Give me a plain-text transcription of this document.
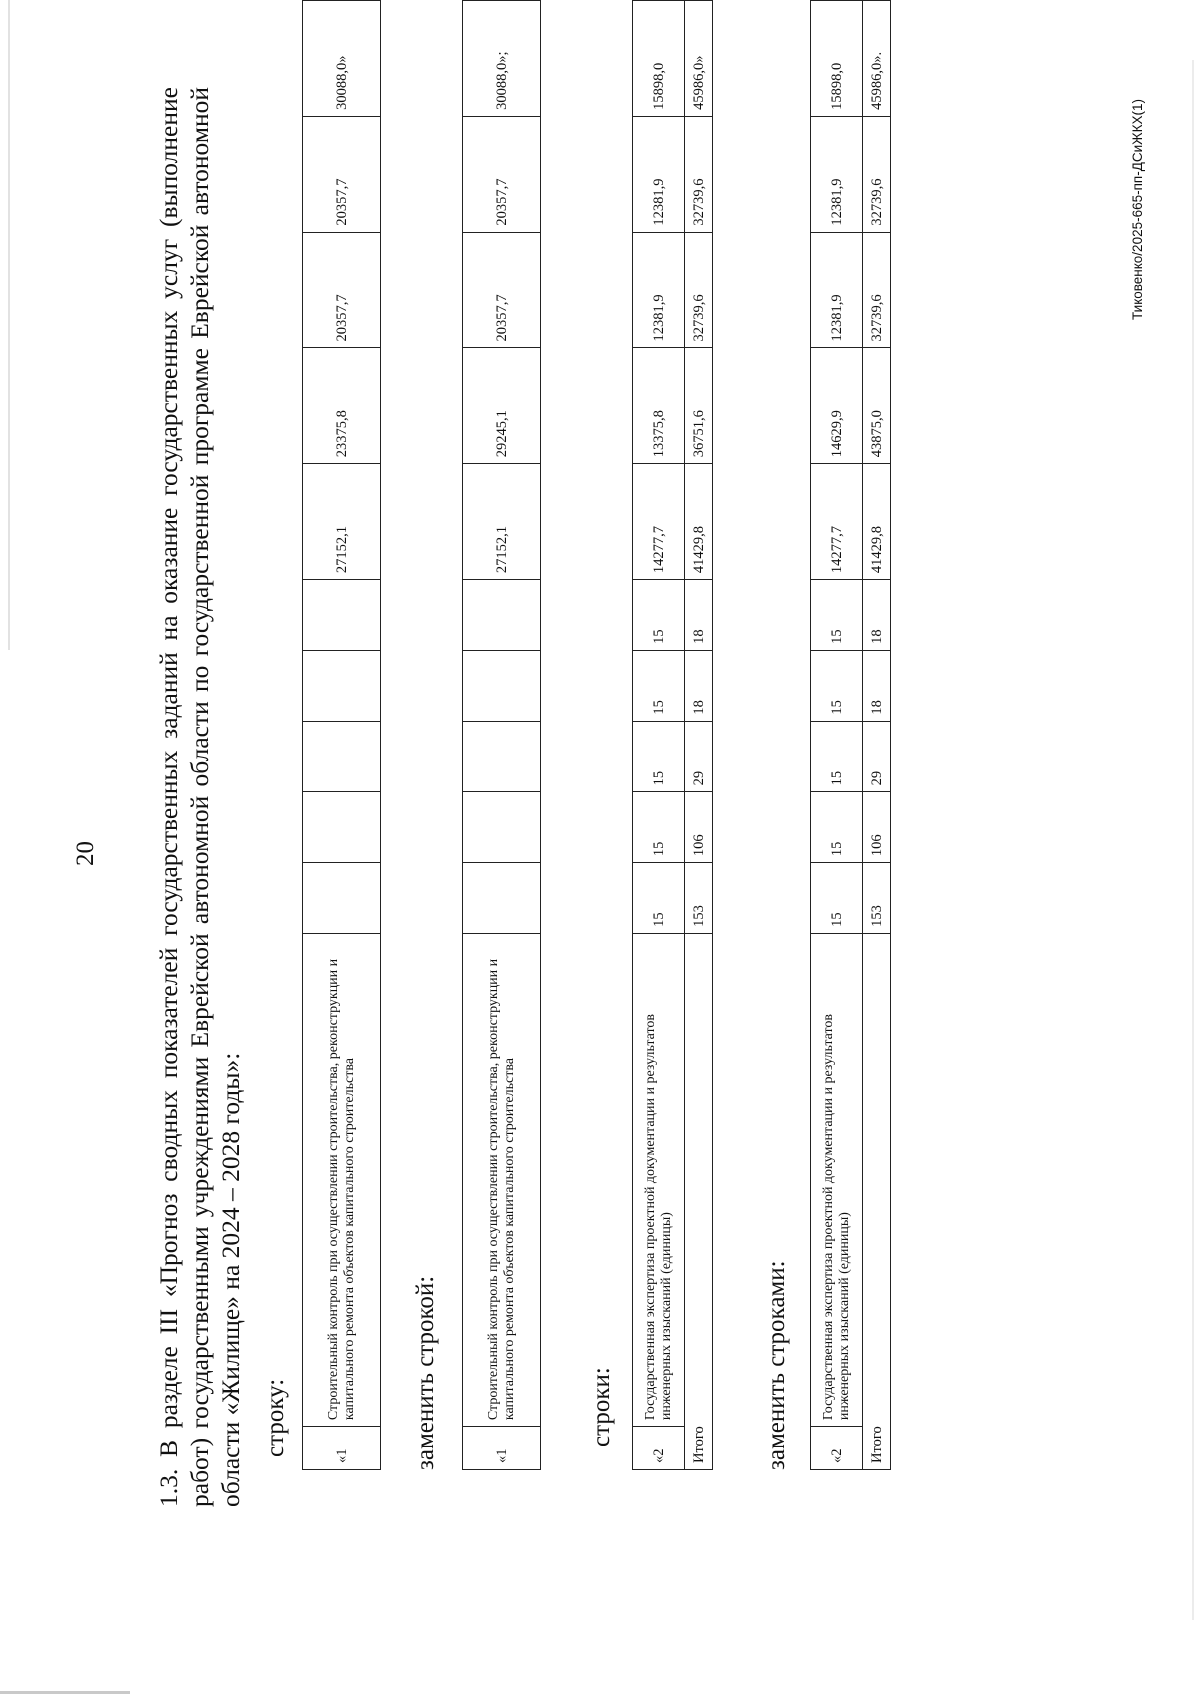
20 1.3. В разделе III «Прогноз сводных показателей государственных заданий на оказание государственных услуг (выполнение работ) государственными учреждениями Еврейской автономной области по государственной программе Еврейской автономной области «Жилище» на 2024 – 2028 годы»: строку:	«1	Строительный контроль при осуществлении строительства, реконструкции и капитального ремонта объектов капитального строительства						27152,1	23375,8	20357,7	20357,7	30088,0»
заменить строкой:	«1	Строительный контроль при осуществлении строительства, реконструкции и капитального ремонта объектов капитального строительства						27152,1	29245,1	20357,7	20357,7	30088,0»;
строки:
«2	Государственная экспертиза проектной документации и результатов инженерных изысканий (единицы)	15	15	15	15	15	14277,7	13375,8	12381,9	12381,9	15898,0
Итого		153	106	29	18	18	41429,8	36751,6	32739,6	32739,6	45986,0»
заменить строками:	«2	Государственная экспертиза проектной документации и результатов инженерных изысканий (единицы)	15	15	15	15	15	14277,7	14629,9	12381,9	12381,9	15898,0
Итого		153	106	29	18	18	41429,8	43875,0	32739,6	32739,6	45986,0».
Тиковенко/2025-665-пп-ДСиЖКХ(1)
